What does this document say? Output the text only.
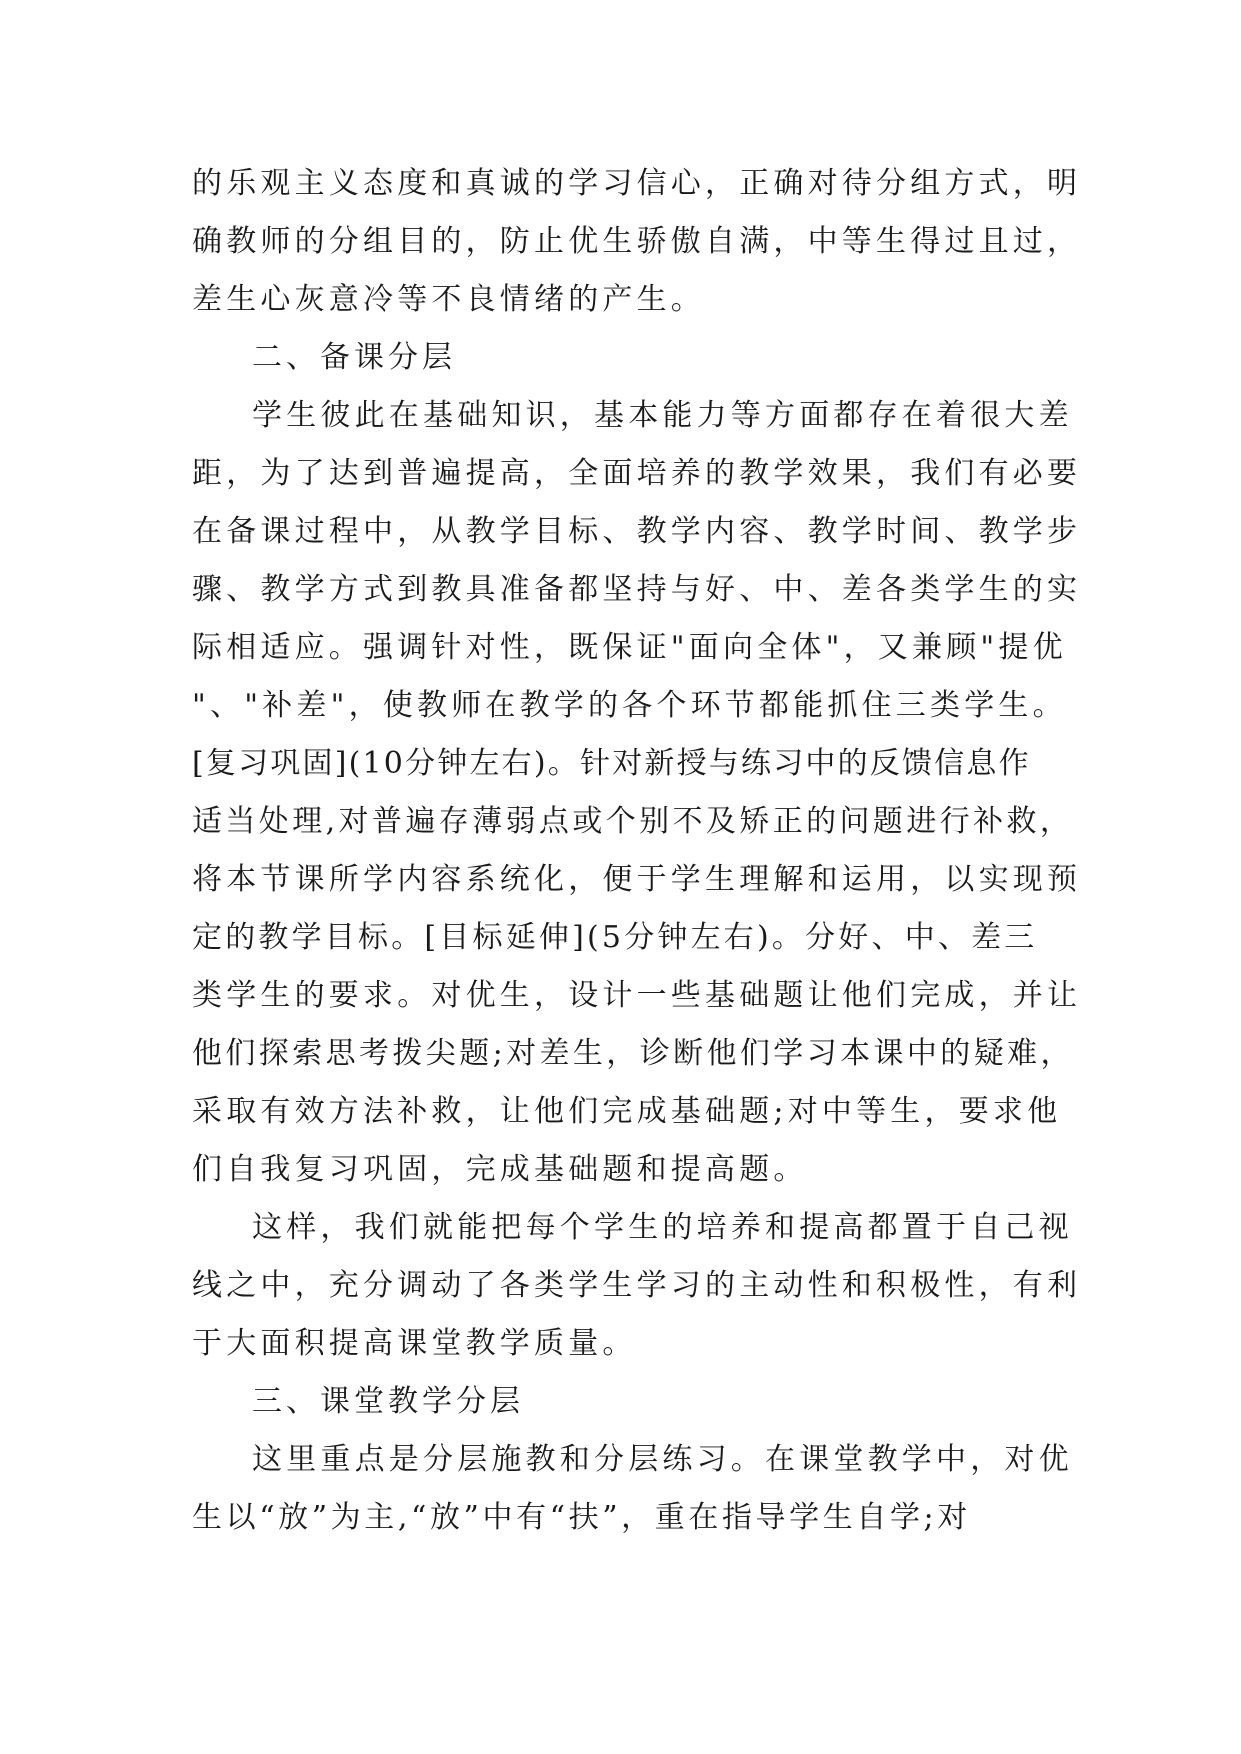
的乐观主义态度和真诚的学习信心，正确对待分组方式，明
确教师的分组目的，防止优生骄傲自满，中等生得过且过，
差生心灰意冷等不良情绪的产生。
二、备课分层
学生彼此在基础知识，基本能力等方面都存在着很大差
距，为了达到普遍提高，全面培养的教学效果，我们有必要
在备课过程中，从教学目标、教学内容、教学时间、教学步
骤、教学方式到教具准备都坚持与好、中、差各类学生的实
际相适应。强调针对性，既保证"面向全体"，又兼顾"提优
"、"补差"，使教师在教学的各个环节都能抓住三类学生。
[复习巩固](10分钟左右)。针对新授与练习中的反馈信息作
适当处理,对普遍存薄弱点或个别不及矫正的问题进行补救，
将本节课所学内容系统化，便于学生理解和运用，以实现预
定的教学目标。[目标延伸](5分钟左右)。分好、中、差三
类学生的要求。对优生，设计一些基础题让他们完成，并让
他们探索思考拨尖题;对差生，诊断他们学习本课中的疑难，
采取有效方法补救，让他们完成基础题;对中等生，要求他
们自我复习巩固，完成基础题和提高题。
这样，我们就能把每个学生的培养和提高都置于自己视
线之中，充分调动了各类学生学习的主动性和积极性，有利
于大面积提高课堂教学质量。
三、课堂教学分层
这里重点是分层施教和分层练习。在课堂教学中，对优
生以“放”为主,“放”中有“扶”，重在指导学生自学;对
